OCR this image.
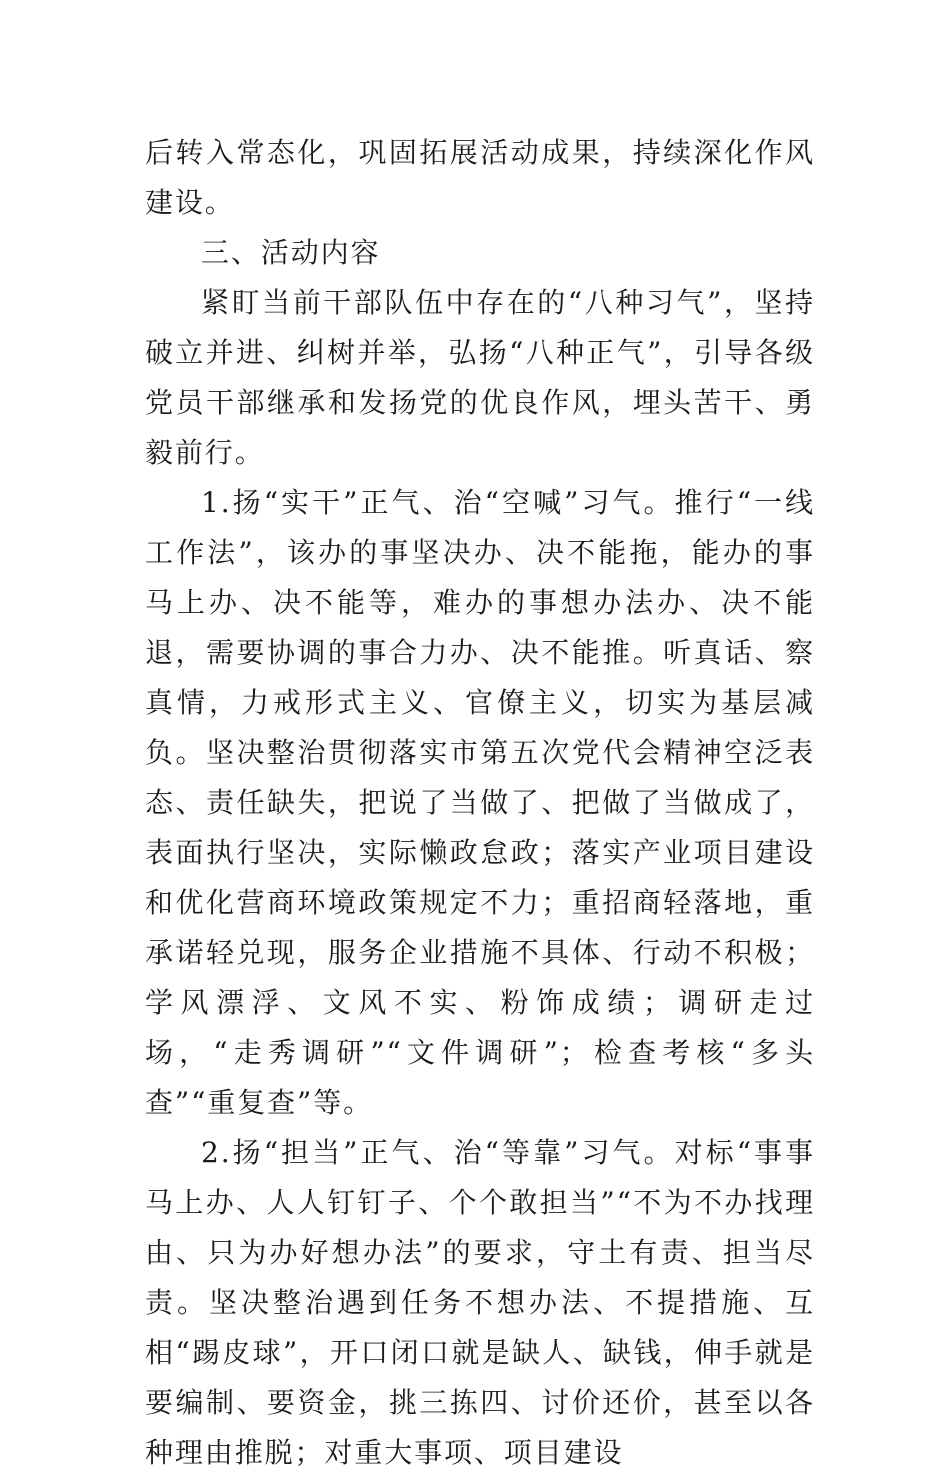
后转入常态化，巩固拓展活动成果，持续深化作风建设。

三、活动内容

紧盯当前干部队伍中存在的“八种习气”，坚持破立并进、纠树并举，弘扬“八种正气”，引导各级党员干部继承和发扬党的优良作风，埋头苦干、勇毅前行。

1.扬“实干”正气、治“空喊”习气。推行“一线工作法”，该办的事坚决办、决不能拖，能办的事马上办、决不能等，难办的事想办法办、决不能退，需要协调的事合力办、决不能推。听真话、察真情，力戒形式主义、官僚主义，切实为基层减负。坚决整治贯彻落实市第五次党代会精神空泛表态、责任缺失，把说了当做了、把做了当做成了，表面执行坚决，实际懒政怠政；落实产业项目建设和优化营商环境政策规定不力；重招商轻落地，重承诺轻兑现，服务企业措施不具体、行动不积极；学风漂浮、文风不实、粉饰成绩；调研走过场，“走秀调研”“文件调研”；检查考核“多头查”“重复查”等。

2.扬“担当”正气、治“等靠”习气。对标“事事马上办、人人钉钉子、个个敢担当”“不为不办找理由、只为办好想办法”的要求，守土有责、担当尽责。坚决整治遇到任务不想办法、不提措施、互相“踢皮球”，开口闭口就是缺人、缺钱，伸手就是要编制、要资金，挑三拣四、讨价还价，甚至以各种理由推脱；对重大事项、项目建设
